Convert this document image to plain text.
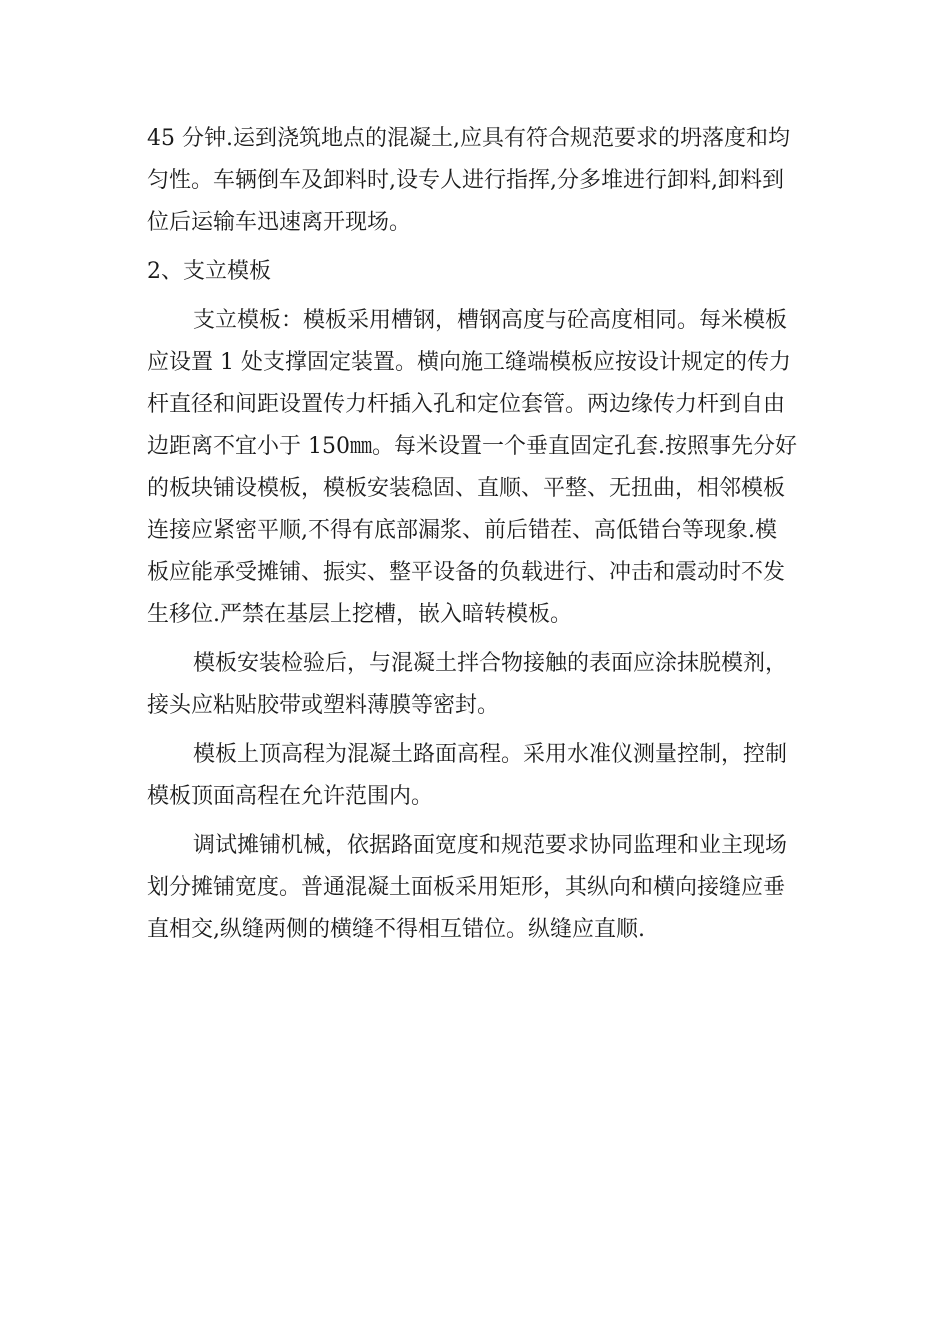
45 分钟.运到浇筑地点的混凝土,应具有符合规范要求的坍落度和均
匀性。车辆倒车及卸料时,设专人进行指挥,分多堆进行卸料,卸料到
位后运输车迅速离开现场。
2、支立模板
支立模板：模板采用槽钢，槽钢高度与砼高度相同。每米模板
应设置 1 处支撑固定装置。横向施工缝端模板应按设计规定的传力
杆直径和间距设置传力杆插入孔和定位套管。两边缘传力杆到自由
边距离不宜小于 150㎜。每米设置一个垂直固定孔套.按照事先分好
的板块铺设模板，模板安装稳固、直顺、平整、无扭曲，相邻模板
连接应紧密平顺,不得有底部漏浆、前后错茬、高低错台等现象.模
板应能承受摊铺、振实、整平设备的负载进行、冲击和震动时不发
生移位.严禁在基层上挖槽，嵌入暗转模板。
模板安装检验后，与混凝土拌合物接触的表面应涂抹脱模剂，
接头应粘贴胶带或塑料薄膜等密封。
模板上顶高程为混凝土路面高程。采用水准仪测量控制，控制
模板顶面高程在允许范围内。
调试摊铺机械，依据路面宽度和规范要求协同监理和业主现场
划分摊铺宽度。普通混凝土面板采用矩形，其纵向和横向接缝应垂
直相交,纵缝两侧的横缝不得相互错位。纵缝应直顺.
